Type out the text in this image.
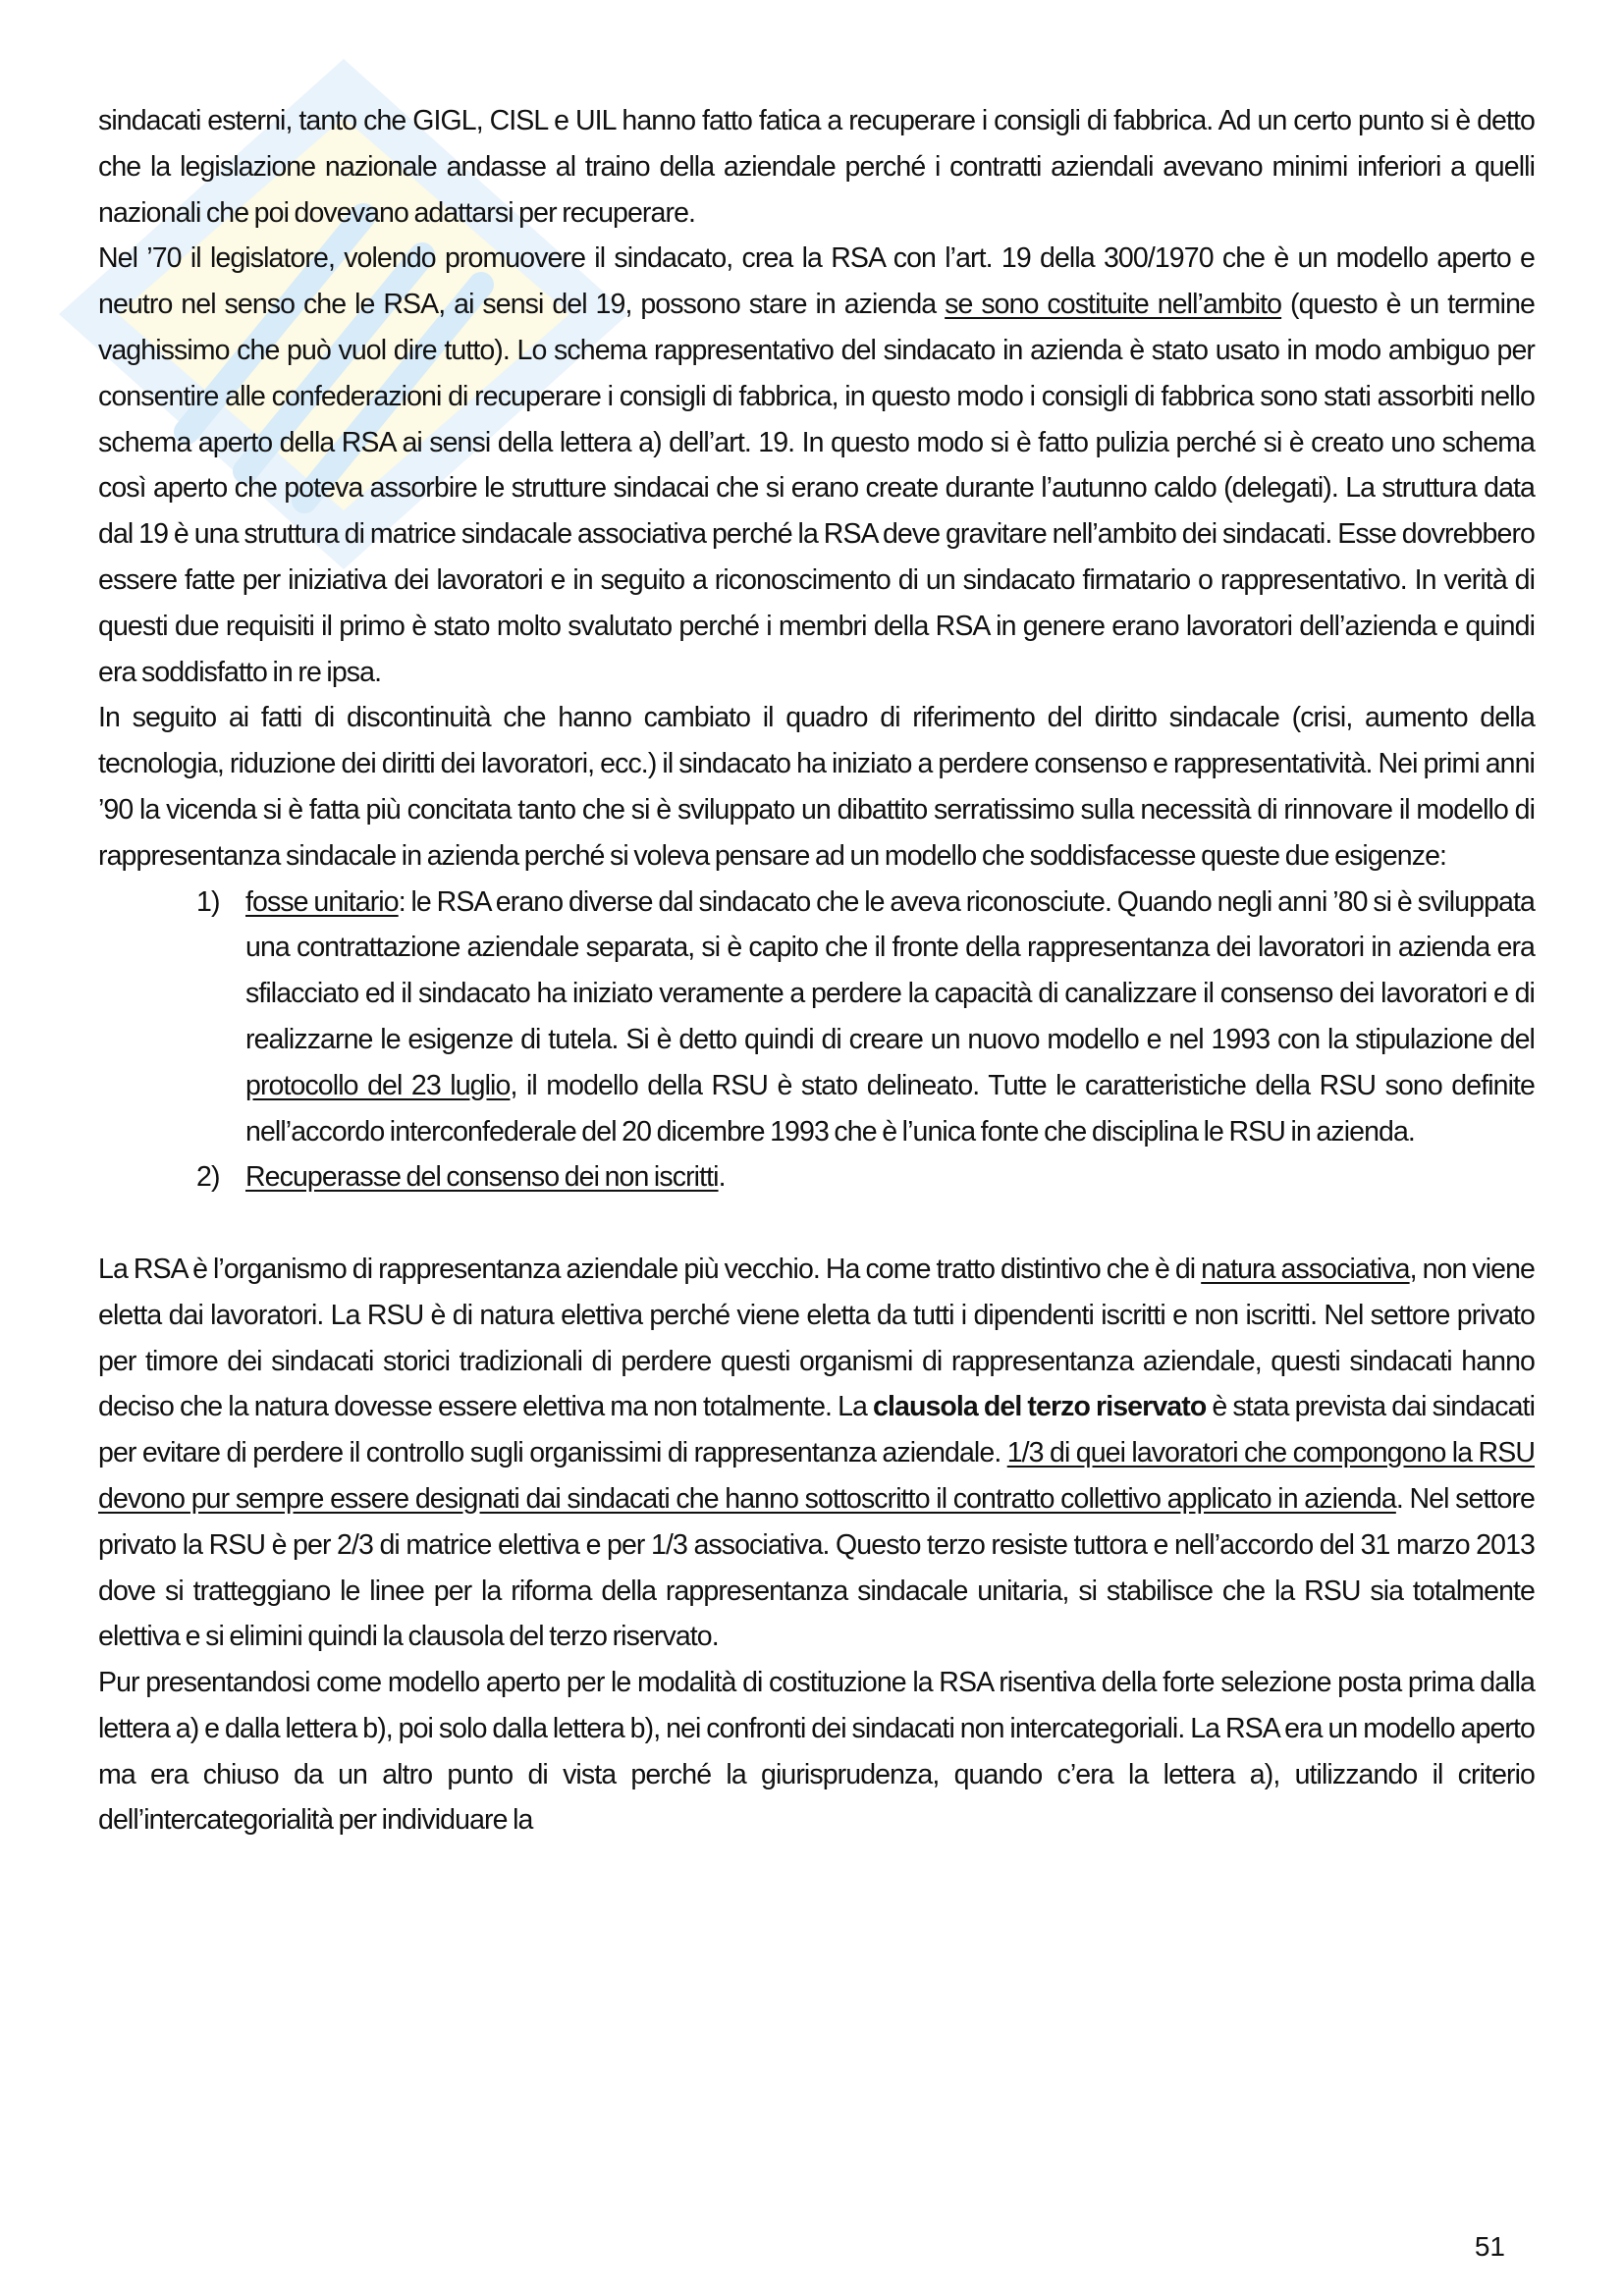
sindacati esterni, tanto che GIGL, CISL e UIL hanno fatto fatica a recuperare i consigli di fabbrica. Ad un certo punto si è detto che la legislazione nazionale andasse al traino della aziendale perché i contratti aziendali avevano minimi inferiori a quelli nazionali che poi dovevano adattarsi per recuperare.

Nel ’70 il legislatore, volendo promuovere il sindacato, crea la RSA con l’art. 19 della 300/1970 che è un modello aperto e neutro nel senso che le RSA, ai sensi del 19, possono stare in azienda se sono costituite nell’ambito (questo è un termine vaghissimo che può vuol dire tutto). Lo schema rappresentativo del sindacato in azienda è stato usato in modo ambiguo per consentire alle confederazioni di recuperare i consigli di fabbrica, in questo modo i consigli di fabbrica sono stati assorbiti nello schema aperto della RSA ai sensi della lettera a) dell’art. 19. In questo modo si è fatto pulizia perché si è creato uno schema così aperto che poteva assorbire le strutture sindacai che si erano create durante l’autunno caldo (delegati). La struttura data dal 19 è una struttura di matrice sindacale associativa perché la RSA deve gravitare nell’ambito dei sindacati. Esse dovrebbero essere fatte per iniziativa dei lavoratori e in seguito a riconoscimento di un sindacato firmatario o rappresentativo. In verità di questi due requisiti il primo è stato molto svalutato perché i membri della RSA in genere erano lavoratori dell’azienda e quindi era soddisfatto in re ipsa.

In seguito ai fatti di discontinuità che hanno cambiato il quadro di riferimento del diritto sindacale (crisi, aumento della tecnologia, riduzione dei diritti dei lavoratori, ecc.) il sindacato ha iniziato a perdere consenso e rappresentatività. Nei primi anni ’90 la vicenda si è fatta più concitata tanto che si è sviluppato un dibattito serratissimo sulla necessità di rinnovare il modello di rappresentanza sindacale in azienda perché si voleva pensare ad un modello che soddisfacesse queste due esigenze:

1) fosse unitario: le RSA erano diverse dal sindacato che le aveva riconosciute. Quando negli anni ’80 si è sviluppata una contrattazione aziendale separata, si è capito che il fronte della rappresentanza dei lavoratori in azienda era sfilacciato ed il sindacato ha iniziato veramente a perdere la capacità di canalizzare il consenso dei lavoratori e di realizzarne le esigenze di tutela. Si è detto quindi di creare un nuovo modello e nel 1993 con la stipulazione del protocollo del 23 luglio, il modello della RSU è stato delineato. Tutte le caratteristiche della RSU sono definite nell’accordo interconfederale del 20 dicembre 1993 che è l’unica fonte che disciplina le RSU in azienda.
2) Recuperasse del consenso dei non iscritti.

La RSA è l’organismo di rappresentanza aziendale più vecchio. Ha come tratto distintivo che è di natura associativa, non viene eletta dai lavoratori. La RSU è di natura elettiva perché viene eletta da tutti i dipendenti iscritti e non iscritti. Nel settore privato per timore dei sindacati storici tradizionali di perdere questi organismi di rappresentanza aziendale, questi sindacati hanno deciso che la natura dovesse essere elettiva ma non totalmente. La clausola del terzo riservato è stata prevista dai sindacati per evitare di perdere il controllo sugli organissimi di rappresentanza aziendale. 1/3 di quei lavoratori che compongono la RSU devono pur sempre essere designati dai sindacati che hanno sottoscritto il contratto collettivo applicato in azienda. Nel settore privato la RSU è per 2/3 di matrice elettiva e per 1/3 associativa. Questo terzo resiste tuttora e nell’accordo del 31 marzo 2013 dove si tratteggiano le linee per la riforma della rappresentanza sindacale unitaria, si stabilisce che la RSU sia totalmente elettiva e si elimini quindi la clausola del terzo riservato.

Pur presentandosi come modello aperto per le modalità di costituzione la RSA risentiva della forte selezione posta prima dalla lettera a) e dalla lettera b), poi solo dalla lettera b), nei confronti dei sindacati non intercategoriali. La RSA era un modello aperto ma era chiuso da un altro punto di vista perché la giurisprudenza, quando c’era la lettera a), utilizzando il criterio dell’intercategorialità per individuare la

51
